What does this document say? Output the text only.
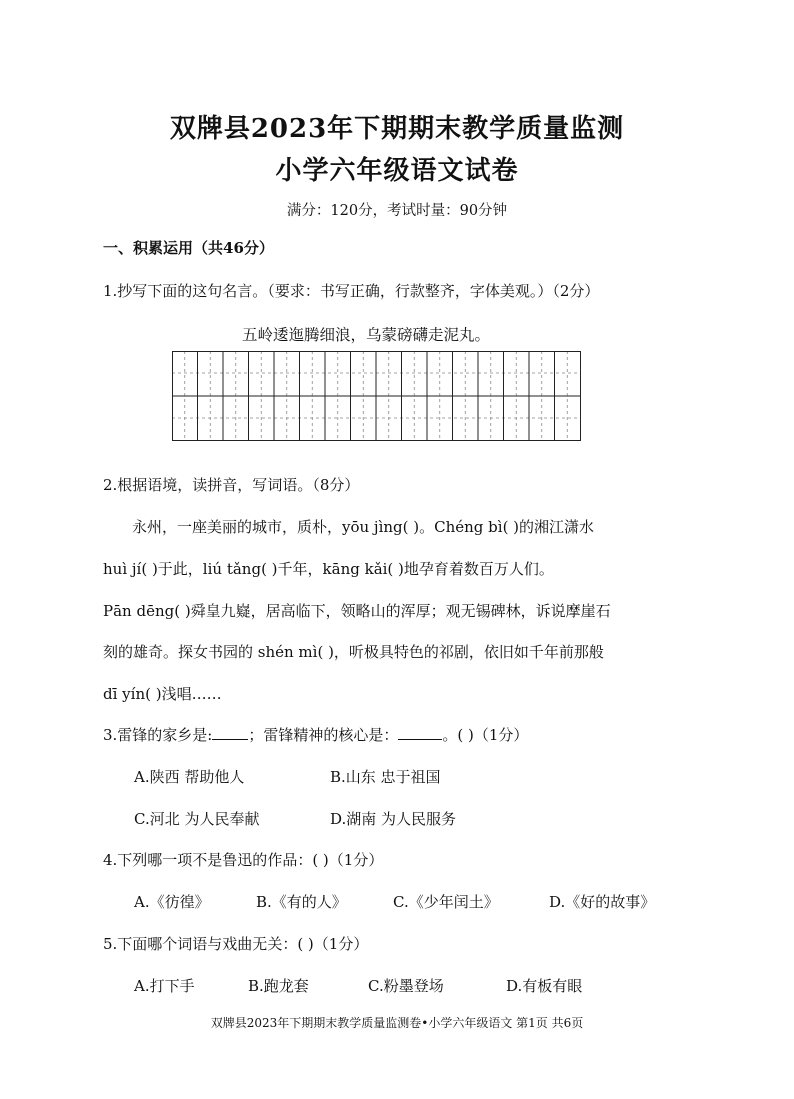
双牌县2023年下期期末教学质量监测
小学六年级语文试卷
满分：120分，考试时量：90分钟
一、积累运用（共46分）
1.抄写下面的这句名言。（要求：书写正确，行款整齐，字体美观。）（2分）
五岭逶迤腾细浪，乌蒙磅礴走泥丸。
2.根据语境，读拼音，写词语。（8分）
永州，一座美丽的城市，质朴，yōu jìng( )。Chéng bì( )的湘江潇水
huì jí( )于此，liú tǎng( )千年，kāng kǎi( )地孕育着数百万人们。
Pān dēng( )舜皇九嶷，居高临下，领略山的浑厚；观无锡碑林，诉说摩崖石
刻的雄奇。探女书园的 shén mì( )，听极具特色的祁剧，依旧如千年前那般
dī yín( )浅唱……
3.雷锋的家乡是: ；雷锋精神的核心是：	。( )（1分）
A.陕西 帮助他人	B.山东 忠于祖国
C.河北 为人民奉献	D.湖南 为人民服务
4.下列哪一项不是鲁迅的作品：( )（1分）
A.《彷徨》	B.《有的人》	C.《少年闰土》	D.《好的故事》
5.下面哪个词语与戏曲无关：( )（1分）
A.打下手	B.跑龙套	C.粉墨登场	D.有板有眼
双牌县2023年下期期末教学质量监测卷•小学六年级语文 第1页 共6页
